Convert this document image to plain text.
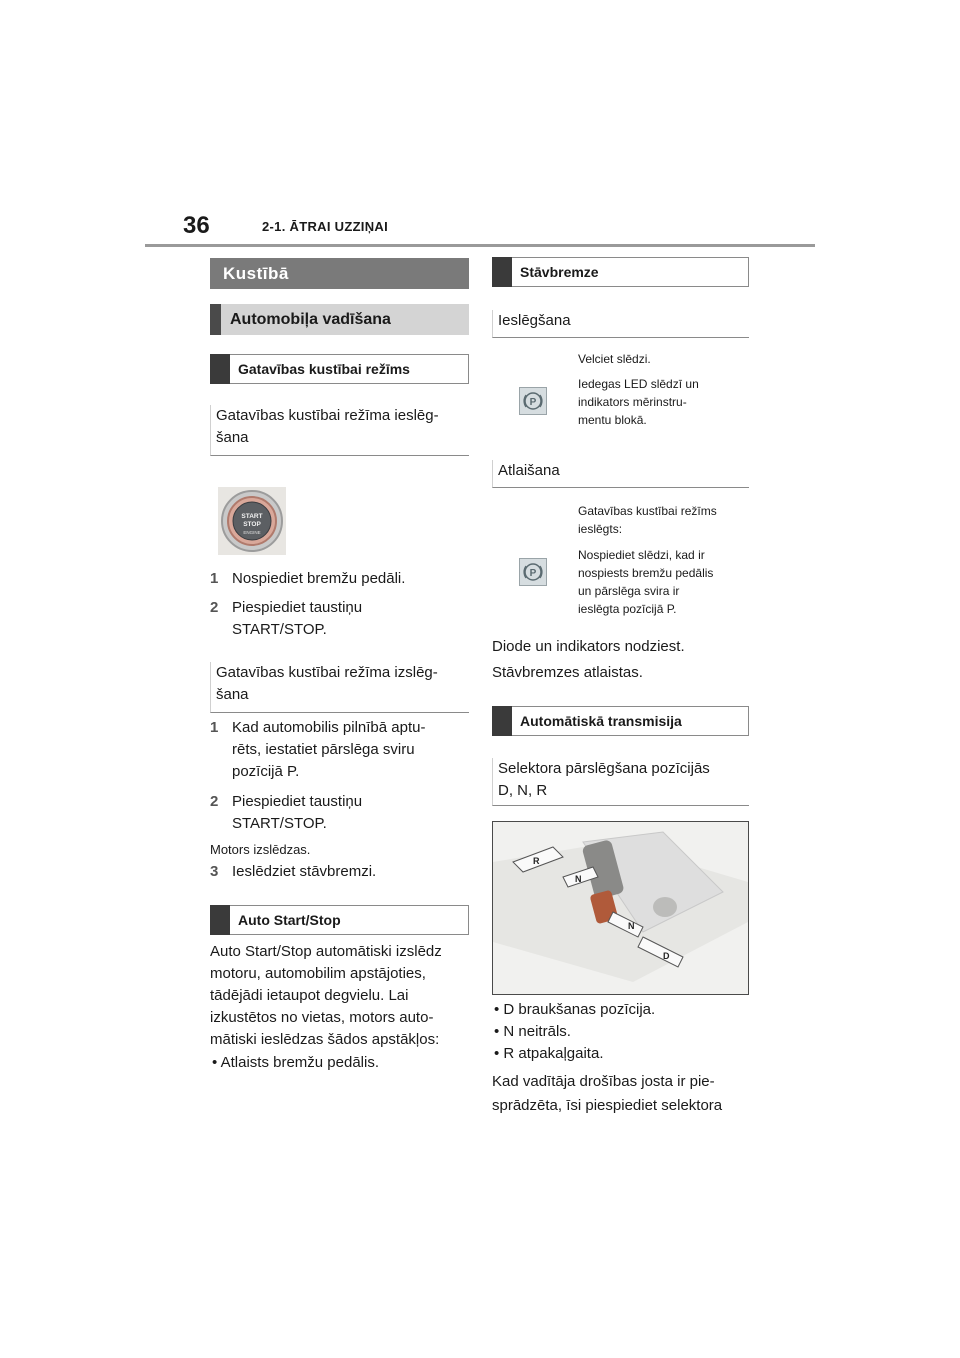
36	2-1. ĀTRAI UZZIŅAI
Kustībā
Automobiļa vadīšana
Gatavības kustībai režīms
Gatavības kustībai režīma ieslēg-
šana
START
STOP
ENGINE
1 Nospiediet bremžu pedāli.
2 Piespiediet taustiņu
START/STOP.
Gatavības kustībai režīma izslēg-
šana
1 Kad automobilis pilnībā aptu-
rēts, iestatiet pārslēga sviru
pozīcijā P.
2 Piespiediet taustiņu
START/STOP.
Motors izslēdzas.
3 Ieslēdziet stāvbremzi.
Auto Start/Stop
Auto Start/Stop automātiski izslēdz
motoru, automobilim apstājoties,
tādējādi ietaupot degvielu. Lai
izkustētos no vietas, motors auto-
mātiski ieslēdzas šādos apstākļos:
• Atlaists bremžu pedālis.
Stāvbremze
Ieslēgšana
P
Velciet slēdzi.
Iedegas LED slēdzī un
indikators mērinstru-
mentu blokā.
Atlaišana
P
Gatavības kustībai režīms
ieslēgts:
Nospiediet slēdzi, kad ir
nospiests bremžu pedālis
un pārslēga svira ir
ieslēgta pozīcijā P.
Diode un indikators nodziest.
Stāvbremzes atlaistas.
Automātiskā transmisija
Selektora pārslēgšana pozīcijās
D, N, R
R
N
N
D
• D braukšanas pozīcija.
• N neitrāls.
• R atpakaļgaita.
Kad vadītāja drošības josta ir pie-
sprādzēta, īsi piespiediet selektora
